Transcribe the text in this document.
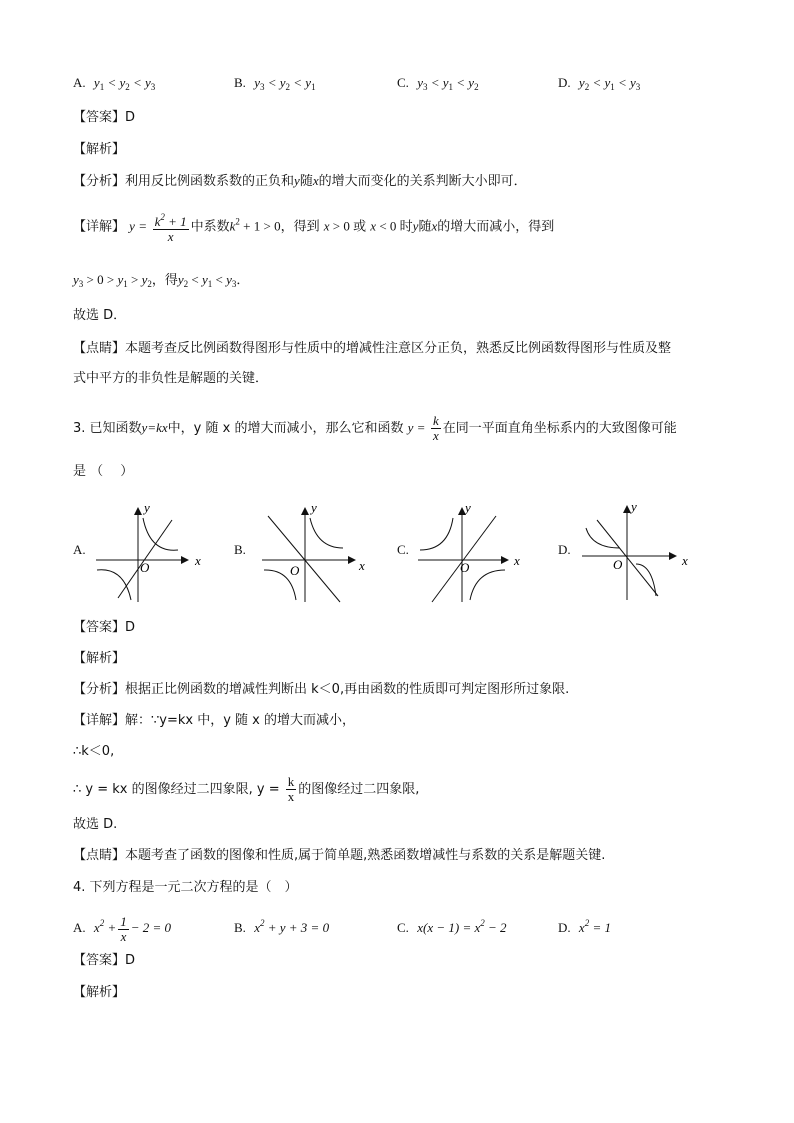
A. $y_1 < y_2 < y_3$	B. $y_3 < y_2 < y_1$	C. $y_3 < y_1 < y_2$	D. $y_2 < y_1 < y_3$
【答案】D
【解析】
【分析】利用反比例函数系数的正负和y随x的增大而变化的关系判断大小即可．
【详解】 $y = \frac{k^2 + 1}{x}$ 中系数$k^2 + 1 > 0$，得到 x > 0 或 x < 0 时y随x的增大而减小，得到
$y_3 > 0 > y_1 > y_2$，得$y_2 < y_1 < y_3$．
故选 D．
【点睛】本题考查反比例函数得图形与性质中的增减性注意区分正负，熟悉反比例函数得图形与性质及整
式中平方的非负性是解题的关键．
3. 已知函数y=kx中，y 随 x 的增大而减小，那么它和函数 $y = \frac{k}{x}$ 在同一平面直角坐标系内的大致图像可能
是 （　 ）
A.	B.	C.	D.
y
x
O
y
x
O
y
x
O
y
x
O
【答案】D
【解析】
【分析】根据正比例函数的增减性判断出 k＜0,再由函数的性质即可判定图形所过象限.
【详解】解：∵y=kx 中，y 随 x 的增大而减小，
∴k＜0,
∴ y = kx 的图像经过二四象限, $y = \frac{k}{x}$ 的图像经过二四象限,
故选 D.
【点睛】本题考查了函数的图像和性质,属于简单题,熟悉函数增减性与系数的关系是解题关键.
4. 下列方程是一元二次方程的是（　）
A. $x^2 + \frac{1}{x} - 2 = 0$	B. $x^2 + y + 3 = 0$	C. $x(x - 1) = x^2 - 2$	D. $x^2 = 1$
【答案】D
【解析】
